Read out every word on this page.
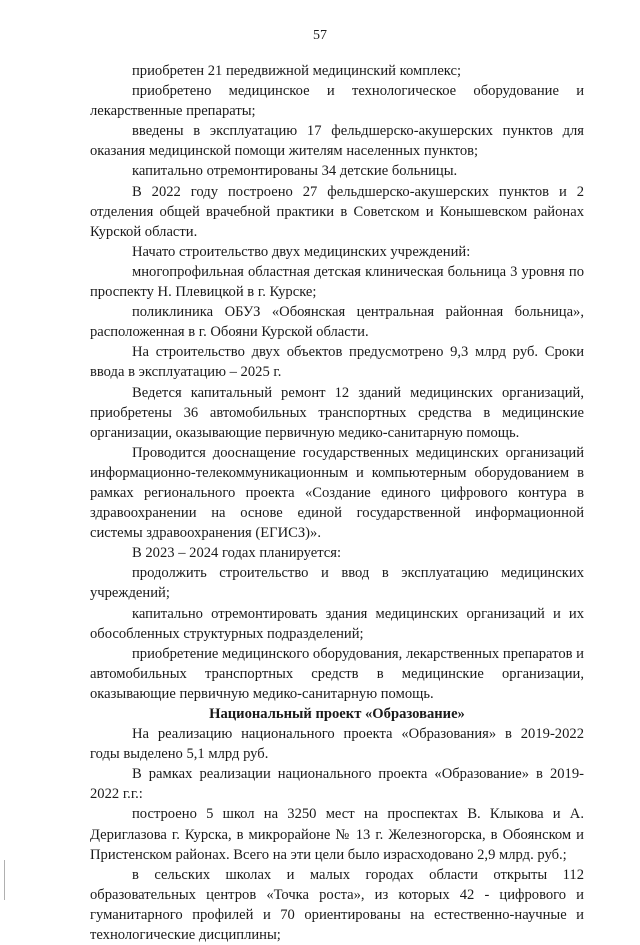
57

приобретен 21 передвижной медицинский комплекс;

приобретено медицинское и технологическое оборудование и лекарственные препараты;

введены в эксплуатацию 17 фельдшерско-акушерских пунктов для оказания медицинской помощи жителям населенных пунктов;

капитально отремонтированы 34 детские больницы.

В 2022 году построено 27 фельдшерско-акушерских пунктов и 2 отделения общей врачебной практики в Советском и Конышевском районах Курской области.

Начато строительство двух медицинских учреждений:

многопрофильная областная детская клиническая больница 3 уровня по проспекту Н. Плевицкой в г. Курске;

поликлиника ОБУЗ «Обоянская центральная районная больница», расположенная в г. Обояни Курской области.

На строительство двух объектов предусмотрено 9,3 млрд руб. Сроки ввода в эксплуатацию – 2025 г.

Ведется капитальный ремонт 12 зданий медицинских организаций, приобретены 36 автомобильных транспортных средства в медицинские организации, оказывающие первичную медико-санитарную помощь.

Проводится дооснащение государственных медицинских организаций информационно-телекоммуникационным и компьютерным оборудованием в рамках регионального проекта «Создание единого цифрового контура в здравоохранении на основе единой государственной информационной системы здравоохранения (ЕГИСЗ)».

В 2023 – 2024 годах планируется:

продолжить строительство и ввод в эксплуатацию медицинских учреждений;

капитально отремонтировать здания медицинских организаций и их обособленных структурных подразделений;

приобретение медицинского оборудования, лекарственных препаратов и автомобильных транспортных средств в медицинские организации, оказывающие первичную медико-санитарную помощь.

Национальный проект «Образование»

На реализацию национального проекта «Образования» в 2019-2022 годы выделено 5,1 млрд руб.

В рамках реализации национального проекта «Образование» в 2019-2022 г.г.:

построено 5 школ на 3250 мест на проспектах В. Клыкова и А. Дериглазова г. Курска, в микрорайоне № 13 г. Железногорска, в Обоянском и Пристенском районах. Всего на эти цели было израсходовано 2,9 млрд. руб.;

в сельских школах и малых городах области открыты 112 образовательных центров «Точка роста», из которых 42 - цифрового и гуманитарного профилей и 70 ориентированы на естественно-научные и технологические дисциплины;
